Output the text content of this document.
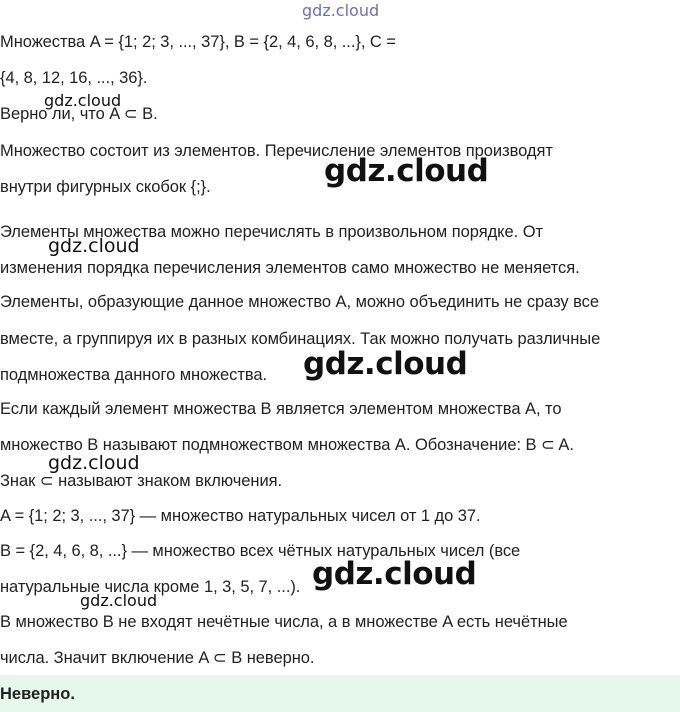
Множества A = {1; 2; 3, ..., 37}, B = {2, 4, 6, 8, ...}, C =
{4, 8, 12, 16, ..., 36}.
Верно ли, что A ⊂ B.
Множество состоит из элементов. Перечисление элементов производят
внутри фигурных скобок {;}.
Элементы множества можно перечислять в произвольном порядке. От
изменения порядка перечисления элементов само множество не меняется.
Элементы, образующие данное множество A, можно объединить не сразу все
вместе, а группируя их в разных комбинациях. Так можно получать различные
подмножества данного множества.
Если каждый элемент множества B является элементом множества A, то
множество B называют подмножеством множества A. Обозначение: B ⊂ A.
Знак ⊂ называют знаком включения.
A = {1; 2; 3, ..., 37} — множество натуральных чисел от 1 до 37.
B = {2, 4, 6, 8, ...} — множество всех чётных натуральных чисел (все
натуральные числа кроме 1, 3, 5, 7, ...).
В множество B не входят нечётные числа, а в множестве A есть нечётные
числа. Значит включение A ⊂ B неверно.
Неверно.
gdz.cloud
gdz.cloud
gdz.cloud
gdz.cloud
gdz.cloud
gdz.cloud
gdz.cloud
gdz.cloud
